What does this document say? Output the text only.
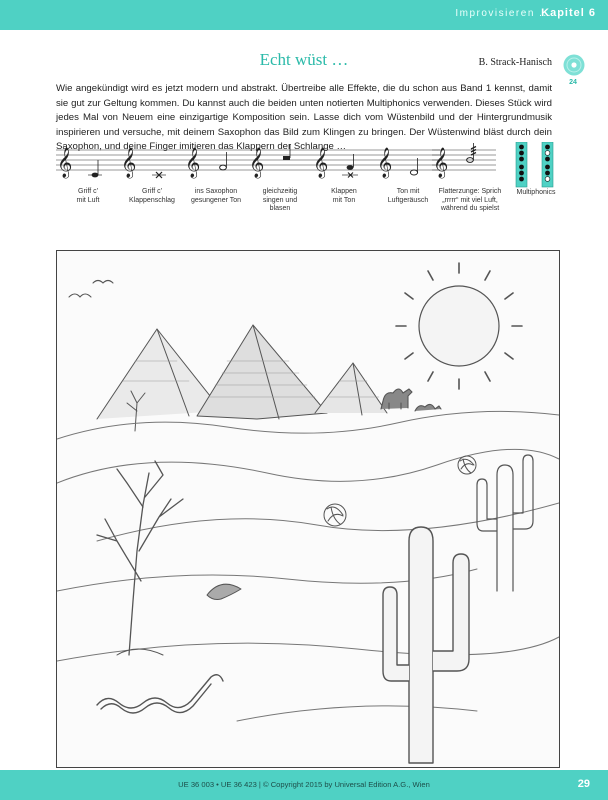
Improvisieren ...
Kapitel 6
Echt wüst …	B. Strack-Hanisch
24
Wie angekündigt wird es jetzt modern und abstrakt. Übertreibe alle Effekte, die du schon aus Band 1 kennst, damit sie gut zur Geltung kommen. Du kannst auch die beiden unten notierten Multiphonics verwenden. Dieses Stück wird jedes Mal von Neuem eine einzigartige Komposition sein. Lasse dich vom Wüstenbild und der Hintergrundmusik inspirieren und versuche, mit deinem Saxophon das Bild zum Klingen zu bringen. Der Wüstenwind bläst durch dein Saxophon, und deine Finger imitieren das Klappern der Schlange …
𝄞
Griff c'
mit Luft
𝄞
Griff c'
Klappenschlag
𝄞
ins Saxophon
gesungener Ton
𝄞
gleichzeitig
singen und
blasen
𝄞
Klappen
mit Ton
𝄞
Ton mit
Luftgeräusch
𝄞
Flatterzunge: Sprich
„rrrrr“ mit viel Luft,
während du spielst
Multiphonics
UE 36 003 • UE 36 423 | © Copyright 2015 by Universal Edition A.G., Wien	29
